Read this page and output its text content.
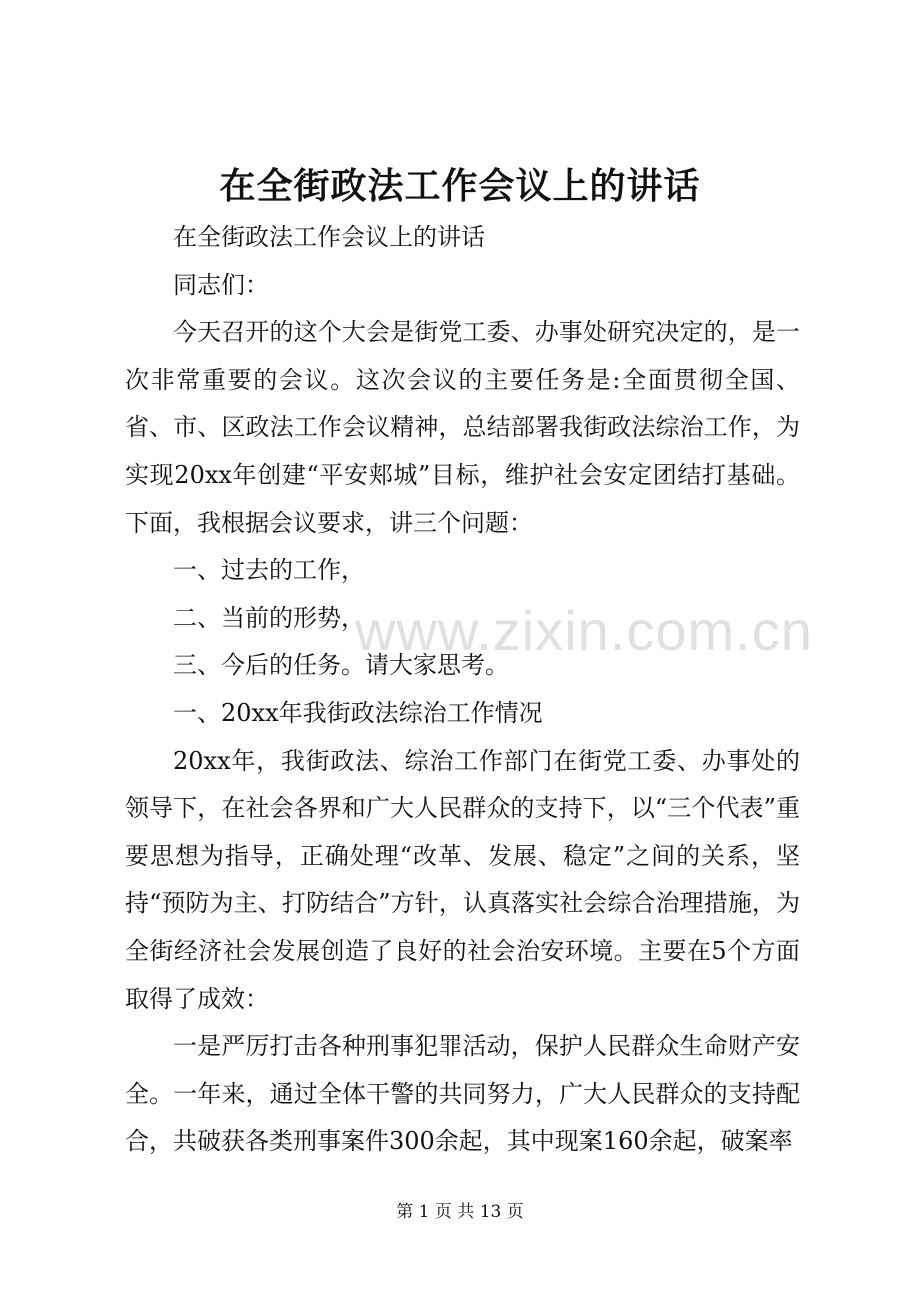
在全街政法工作会议上的讲话

在全街政法工作会议上的讲话

同志们：

今天召开的这个大会是街党工委、办事处研究决定的，是一次非常重要的会议。这次会议的主要任务是:全面贯彻全国、省、市、区政法工作会议精神，总结部署我街政法综治工作，为实现20xx年创建“平安郏城”目标，维护社会安定团结打基础。下面，我根据会议要求，讲三个问题：

一、过去的工作，

二、当前的形势，

三、今后的任务。请大家思考。

一、20xx年我街政法综治工作情况

20xx年，我街政法、综治工作部门在街党工委、办事处的领导下，在社会各界和广大人民群众的支持下，以“三个代表”重要思想为指导，正确处理“改革、发展、稳定”之间的关系，坚持“预防为主、打防结合”方针，认真落实社会综合治理措施，为全街经济社会发展创造了良好的社会治安环境。主要在5个方面取得了成效：

一是严厉打击各种刑事犯罪活动，保护人民群众生命财产安全。一年来，通过全体干警的共同努力，广大人民群众的支持配合，共破获各类刑事案件300余起，其中现案160余起，破案率

www.zixin.com.cn
第 1 页 共 13 页
